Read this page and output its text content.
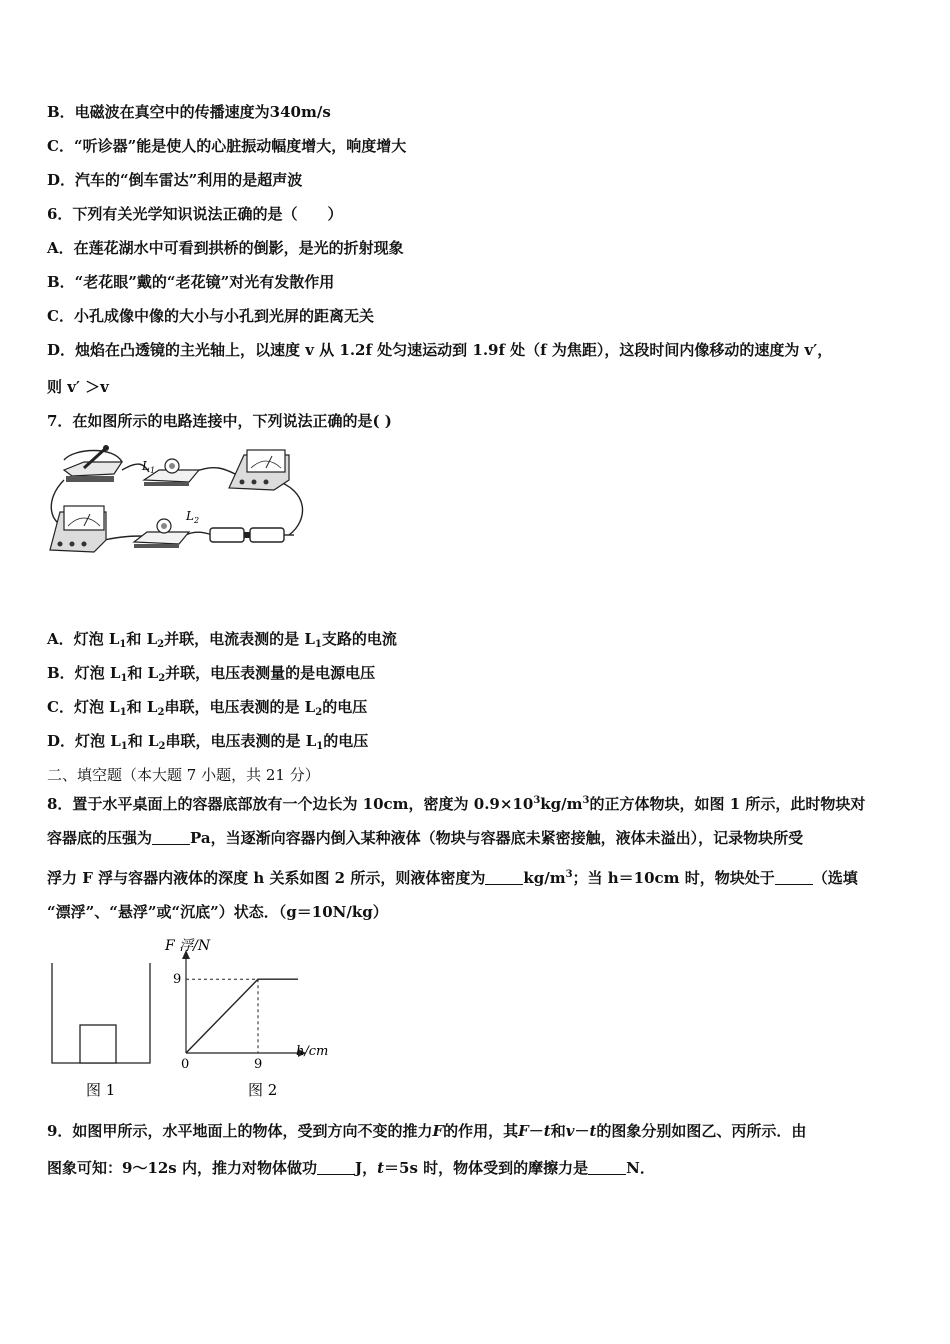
B．电磁波在真空中的传播速度为340m/s
C．“听诊器”能是使人的心脏振动幅度增大，响度增大
D．汽车的“倒车雷达”利用的是超声波
6．下列有关光学知识说法正确的是（　　）
A．在莲花湖水中可看到拱桥的倒影，是光的折射现象
B．“老花眼”戴的“老花镜”对光有发散作用
C．小孔成像中像的大小与小孔到光屏的距离无关
D．烛焰在凸透镜的主光轴上，以速度 v 从 1.2f 处匀速运动到 1.9f 处（f 为焦距），这段时间内像移动的速度为 v′，
则 v′ ＞v
7．在如图所示的电路连接中，下列说法正确的是( )
$L_1$
$L_2$
A．灯泡 $L_1$和 $L_2$并联，电流表测的是 $L_1$支路的电流
B．灯泡 $L_1$和 $L_2$并联，电压表测量的是电源电压
C．灯泡 $L_1$和 $L_2$串联，电压表测的是 $L_2$的电压
D．灯泡 $L_1$和 $L_2$串联，电压表测的是 $L_1$的电压
二、填空题（本大题 7 小题，共 21 分）
8．置于水平桌面上的容器底部放有一个边长为 10cm，密度为 $0.9\times 10^3kg/m^3$的正方体物块，如图 1 所示，此时物块对
容器底的压强为	Pa，当逐渐向容器内倒入某种液体（物块与容器底未紧密接触，液体未溢出），记录物块所受
浮力 F 浮与容器内液体的深度 h 关系如图 2 所示，则液体密度为	$kg/m^3$；当 h＝10cm 时，物块处于	（选填
“漂浮”、“悬浮”或“沉底”）状态．（g＝10N/kg）
图 1
F 浮/N
h/cm
0	9
9
图 2
9．如图甲所示，水平地面上的物体，受到方向不变的推力F的作用，其F－t和v－t的图象分别如图乙、丙所示．由
图象可知：9～12s 内，推力对物体做功	J，t＝5s 时，物体受到的摩擦力是	N．
